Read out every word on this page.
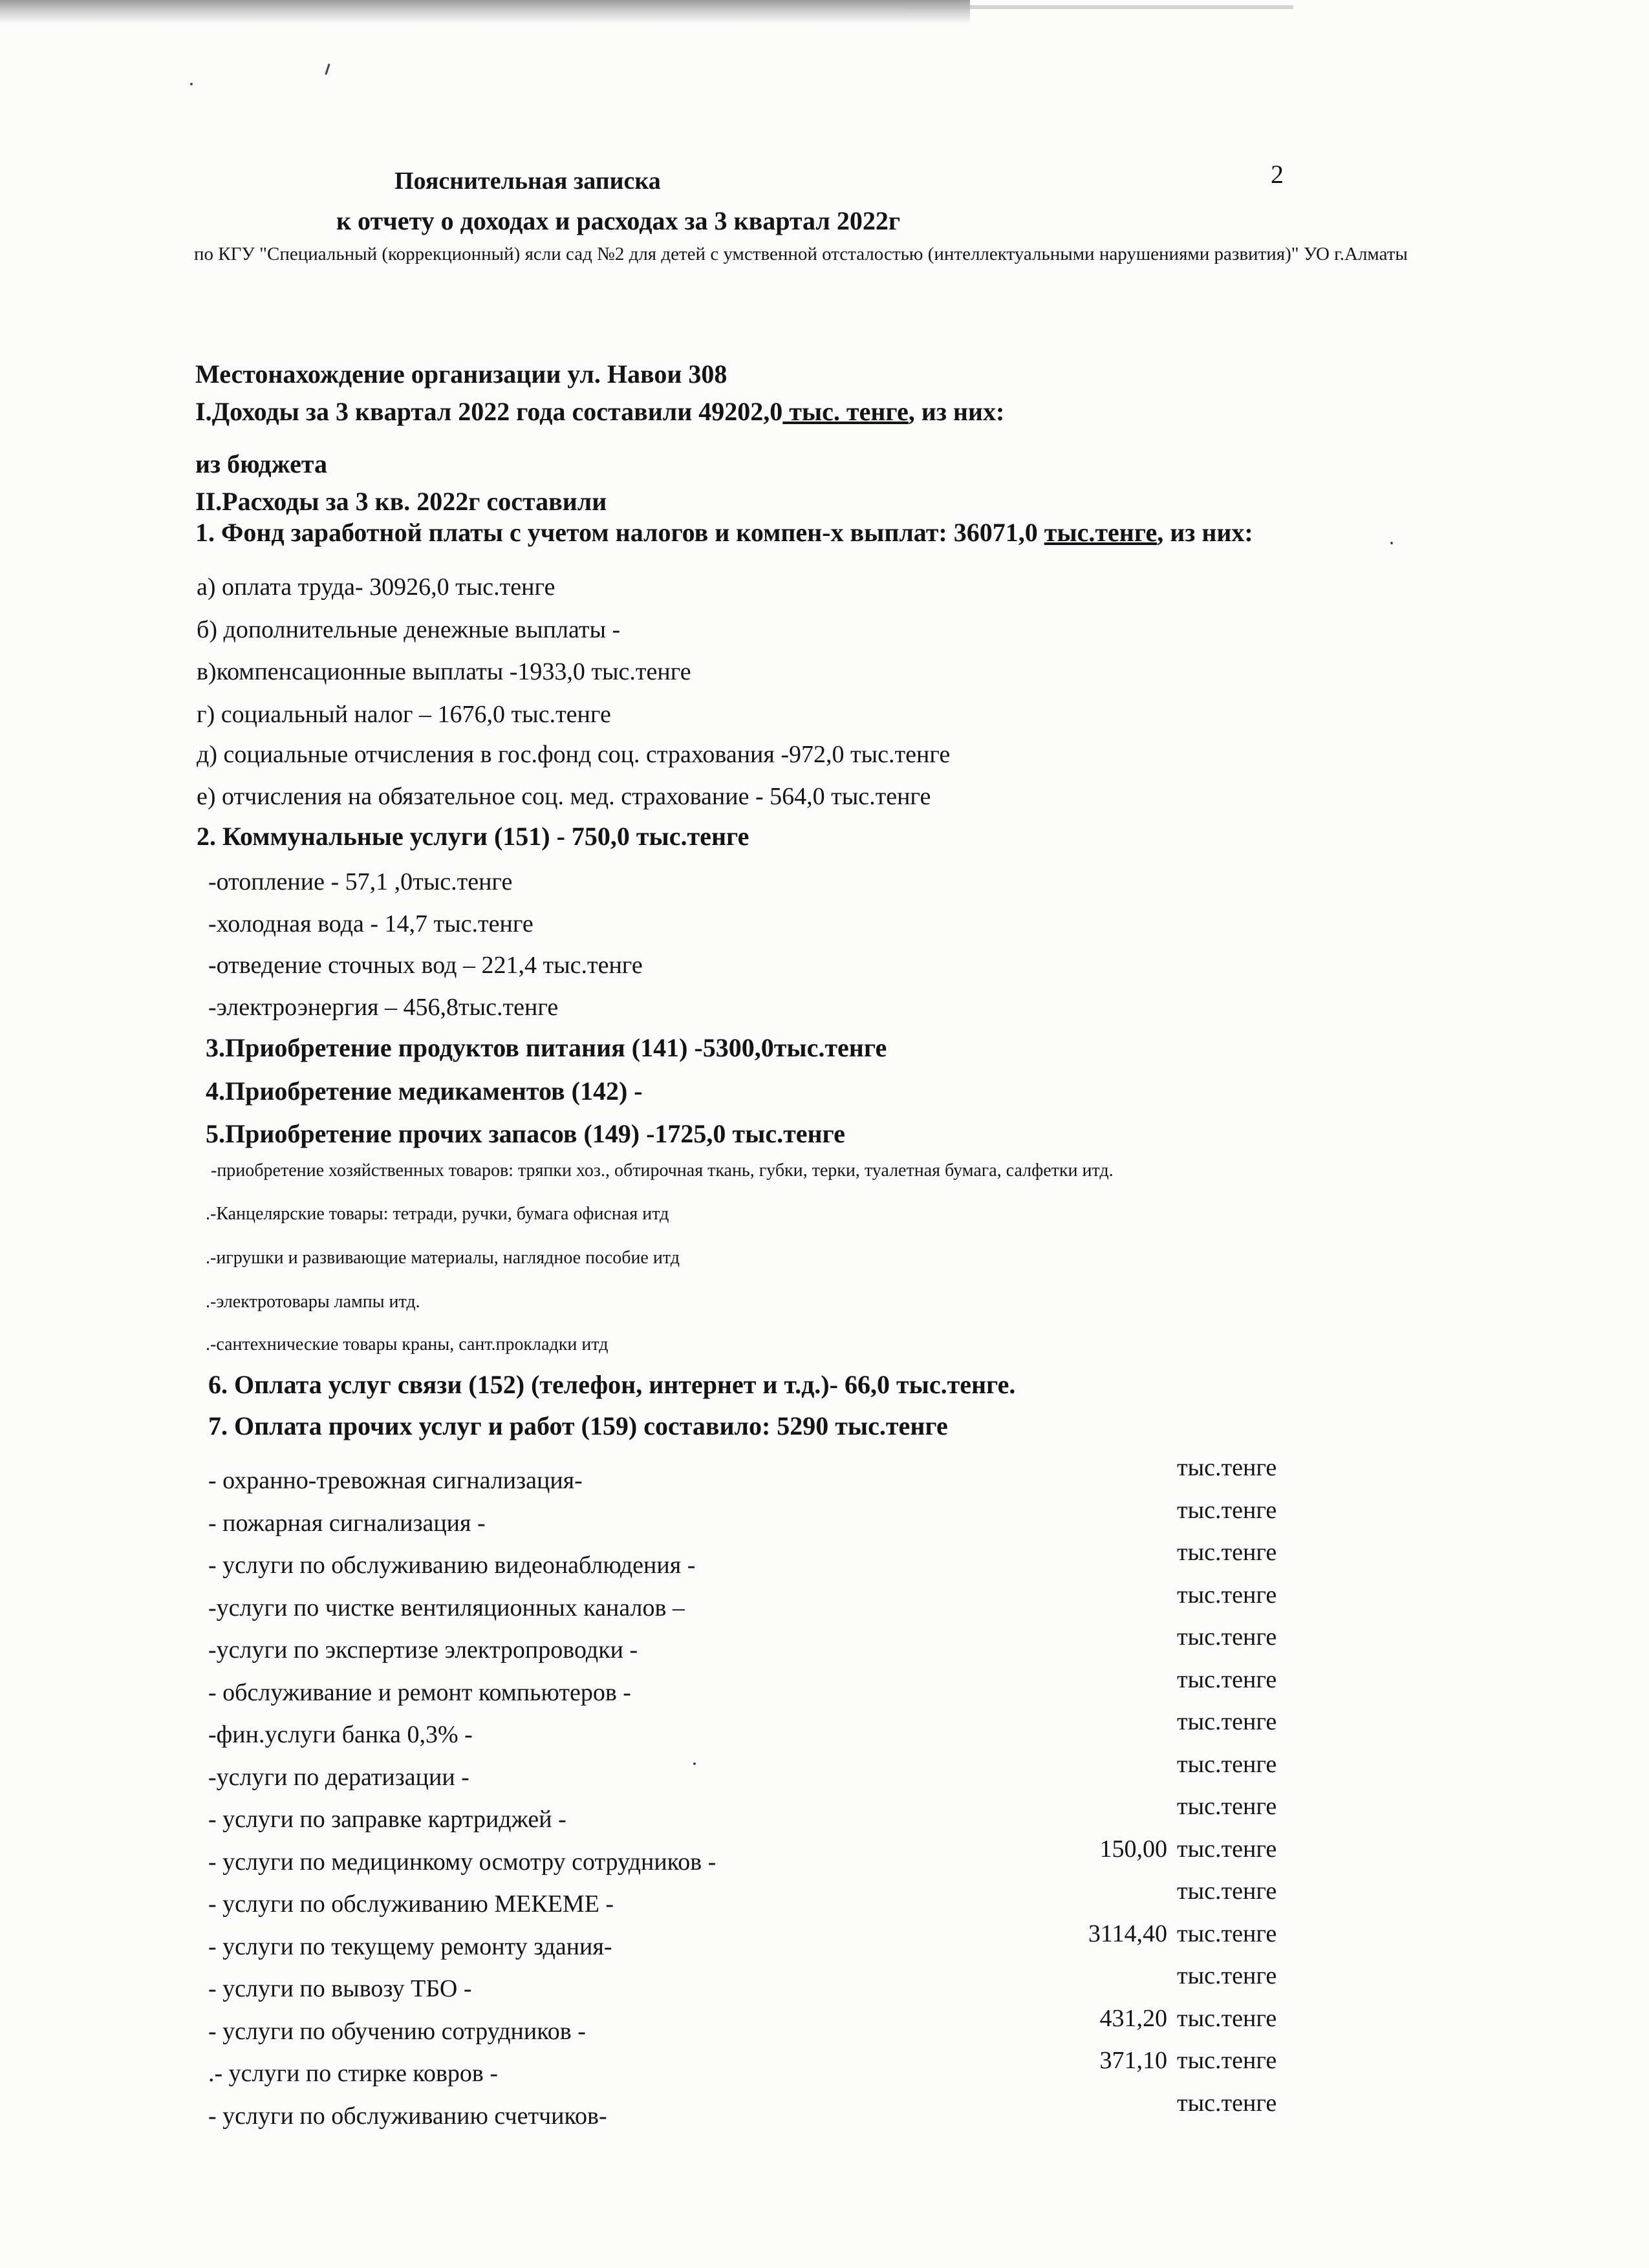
Пояснительная записка
к отчету о доходах и расходах за 3 квартал 2022г
2
по КГУ "Специальный (коррекционный) ясли сад №2 для детей с умственной отсталостью (интеллектуальными нарушениями развития)" УО г.Алматы
Местонахождение организации ул. Навои 308
I.Доходы за 3 квартал 2022 года составили 49202,0 тыс. тенге, из них:
из бюджета
II.Расходы за 3 кв. 2022г составили
1. Фонд заработной платы с учетом налогов и компен-х выплат: 36071,0 тыс.тенге, из них:
а) оплата труда- 30926,0 тыс.тенге
б) дополнительные денежные выплаты -
в)компенсационные выплаты -1933,0 тыс.тенге
г) социальный налог – 1676,0 тыс.тенге
д) социальные отчисления в гос.фонд соц. страхования -972,0 тыс.тенге
е) отчисления на обязательное соц. мед. страхование - 564,0 тыс.тенге
2. Коммунальные услуги (151) - 750,0 тыс.тенге
-отопление - 57,1 ,0тыс.тенге
-холодная вода - 14,7 тыс.тенге
-отведение сточных вод – 221,4 тыс.тенге
-электроэнергия – 456,8тыс.тенге
3.Приобретение продуктов питания (141) -5300,0тыс.тенге
4.Приобретение медикаментов (142) -
5.Приобретение прочих запасов (149) -1725,0 тыс.тенге
-приобретение хозяйственных товаров: тряпки хоз., обтирочная ткань, губки, терки, туалетная бумага, салфетки итд.
.-Канцелярские товары: тетради, ручки, бумага офисная итд
.-игрушки и развивающие материалы, наглядное пособие итд
.-электротовары лампы итд.
.-сантехнические товары краны, сант.прокладки итд
6. Оплата услуг связи (152) (телефон, интернет и т.д.)- 66,0 тыс.тенге.
7. Оплата прочих услуг и работ (159) составило: 5290 тыс.тенге
- охранно-тревожная сигнализация-	тыс.тенге
- пожарная сигнализация -	тыс.тенге
- услуги по обслуживанию видеонаблюдения -	тыс.тенге
-услуги по чистке вентиляционных каналов –	тыс.тенге
-услуги по экспертизе электропроводки -	тыс.тенге
- обслуживание и ремонт компьютеров -	тыс.тенге
-фин.услуги банка 0,3% -	тыс.тенге
-услуги по дератизации -	тыс.тенге
- услуги по заправке картриджей -	тыс.тенге
- услуги по медицинкому осмотру сотрудников -	150,00 тыс.тенге
- услуги по обслуживанию МЕКЕМЕ -	тыс.тенге
- услуги по текущему ремонту здания-	3114,40 тыс.тенге
- услуги по вывозу ТБО -	тыс.тенге
- услуги по обучению сотрудников -	431,20 тыс.тенге
.- услуги по стирке ковров -	371,10 тыс.тенге
- услуги по обслуживанию счетчиков-	тыс.тенге
